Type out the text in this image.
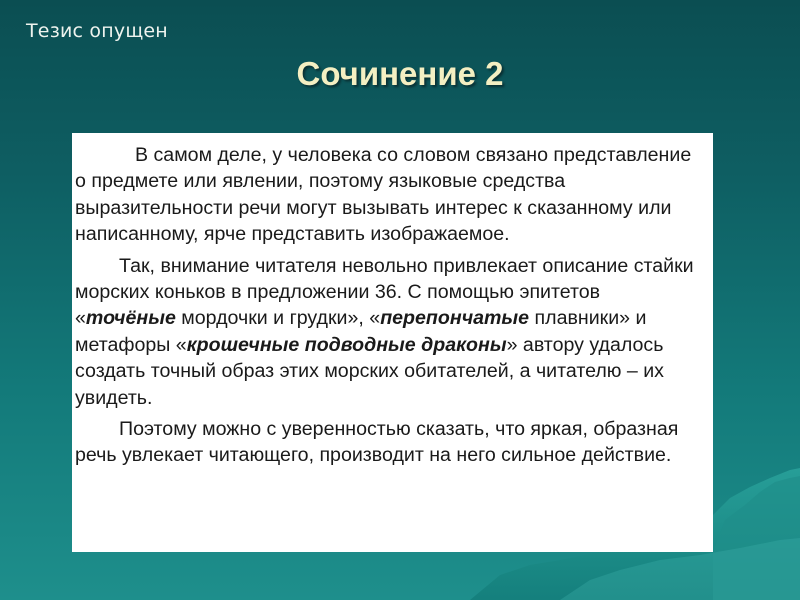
Тезис опущен
Сочинение 2

В самом деле, у человека со словом связано представление о предмете или явлении, поэтому языковые средства выразительности речи могут вызывать интерес к сказанному или написанному, ярче представить изображаемое.

Так, внимание читателя невольно привлекает описание стайки морских коньков в предложении 36. С помощью эпитетов «точёные мордочки и грудки», «перепончатые плавники» и метафоры «крошечные подводные драконы» автору удалось создать точный образ этих морских обитателей, а читателю – их увидеть.

Поэтому можно с уверенностью сказать, что яркая, образная речь увлекает читающего, производит на него сильное действие.
